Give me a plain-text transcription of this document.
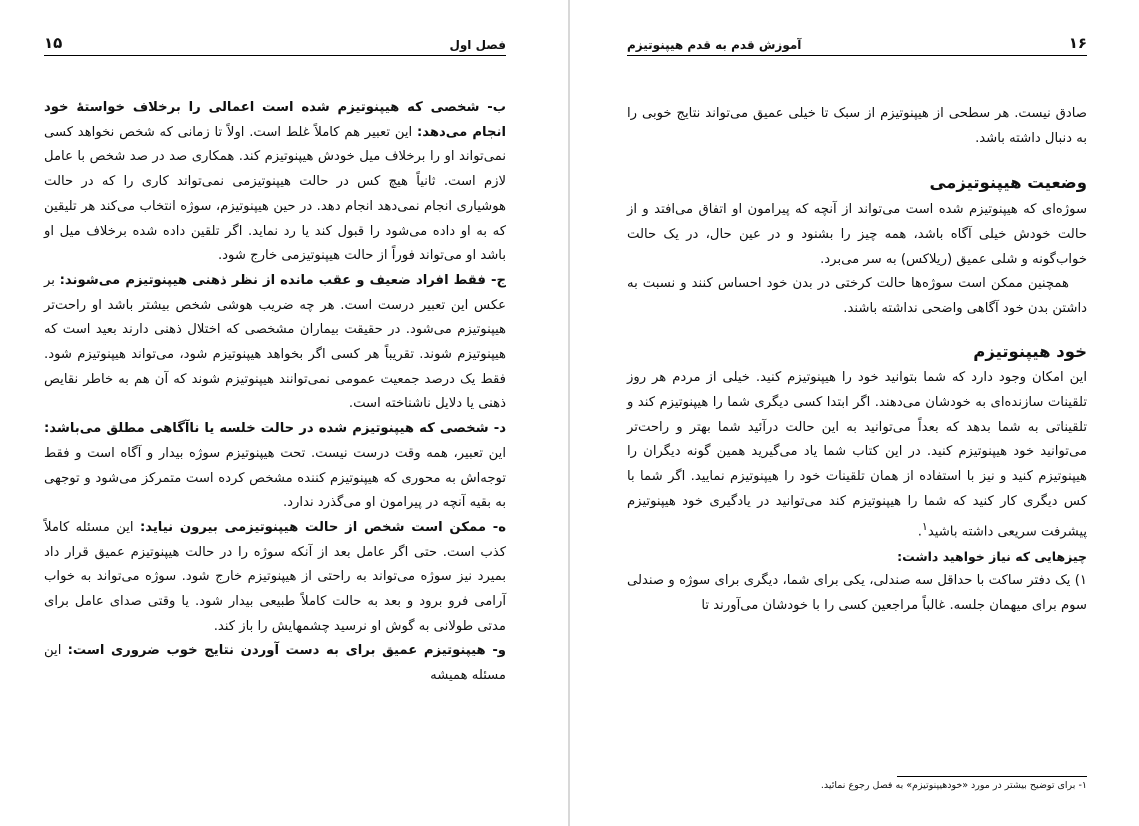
فصل اول
۱۵

ب- شخصی که هیپنوتیزم شده است اعمالی را برخلاف خواستهٔ خود انجام می‌دهد: این تعبیر هم کاملاً غلط است. اولاً تا زمانی که شخص نخواهد کسی نمی‌تواند او را برخلاف میل خودش هیپنوتیزم کند. همکاری صد در صد شخص با عامل لازم است. ثانیاً هیچ کس در حالت هیپنوتیزمی نمی‌تواند کاری را که در حالت هوشیاری انجام نمی‌دهد انجام دهد. در حین هیپنوتیزم، سوژه انتخاب می‌کند هر تلیقین که به او داده می‌شود را قبول کند یا رد نماید. اگر تلقین داده شده برخلاف میل او باشد او می‌تواند فوراً از حالت هیپنوتیزمی خارج شود.

ج- فقط افراد ضعیف و عقب مانده از نظر ذهنی هیپنوتیزم می‌شوند: بر عکس این تعبیر درست است. هر چه ضریب هوشی شخص بیشتر باشد او راحت‌تر هیپنوتیزم می‌شود. در حقیقت بیماران مشخصی که اختلال ذهنی دارند بعید است که هیپنوتیزم شوند. تقریباً هر کسی اگر بخواهد هیپنوتیزم شود، می‌تواند هیپنوتیزم شود. فقط یک درصد جمعیت عمومی نمی‌توانند هیپنوتیزم شوند که آن هم به خاطر نقایص ذهنی یا دلایل ناشناخته است.

د- شخصی که هیپنوتیزم شده در حالت خلسه یا ناآگاهی مطلق می‌باشد: این تعبیر، همه وقت درست نیست. تحت هیپنوتیزم سوژه بیدار و آگاه است و فقط توجه‌اش به محوری که هیپنوتیزم کننده مشخص کرده است متمرکز می‌شود و توجهی به بقیه آنچه در پیرامون او می‌گذرد ندارد.

ه- ممکن است شخص از حالت هیپنوتیزمی بیرون نیاید: این مسئله کاملاً کذب است. حتی اگر عامل بعد از آنکه سوژه را در حالت هیپنوتیزم عمیق قرار داد بمیرد نیز سوژه می‌تواند به راحتی از هیپنوتیزم خارج شود. سوژه می‌تواند به خواب آرامی فرو برود و بعد به حالت کاملاً طبیعی بیدار شود. یا وقتی صدای عامل برای مدتی طولانی به گوش او نرسید چشمهایش را باز کند.

و- هیپنوتیزم عمیق برای به دست آوردن نتایج خوب ضروری است: این مسئله همیشه

۱۶
آموزش قدم به قدم هیپنوتیزم

صادق نیست. هر سطحی از هیپنوتیزم از سبک تا خیلی عمیق می‌تواند نتایج خوبی را به دنبال داشته باشد.

وضعیت هیپنوتیزمی

سوژه‌ای که هیپنوتیزم شده است می‌تواند از آنچه که پیرامون او اتفاق می‌افتد و از حالت خودش خیلی آگاه باشد، همه چیز را بشنود و در عین حال، در یک حالت خواب‌گونه و شلی عمیق (ریلاکس) به سر می‌برد.

همچنین ممکن است سوژه‌ها حالت کرختی در بدن خود احساس کنند و نسبت به داشتن بدن خود آگاهی واضحی نداشته باشند.

خود هیپنوتیزم

این امکان وجود دارد که شما بتوانید خود را هیپنوتیزم کنید. خیلی از مردم هر روز تلقینات سازنده‌ای به خودشان می‌دهند. اگر ابتدا کسی دیگری شما را هیپنوتیزم کند و تلقیناتی به شما بدهد که بعداً می‌توانید به این حالت در‌آئید شما بهتر و راحت‌تر می‌توانید خود هیپنوتیزم کنید. در این کتاب شما یاد می‌گیرید همین گونه دیگران را هیپنوتیزم کنید و نیز با استفاده از همان تلقینات خود را هیپنوتیزم نمایید. اگر شما با کس دیگری کار کنید که شما را هیپنوتیزم کند می‌توانید در یادگیری خود هیپنوتیزم پیشرفت سریعی داشته باشید$^۱$.

چیزهایی که نیاز خواهید داشت:

۱) یک دفتر ساکت با حداقل سه صندلی، یکی برای شما، دیگری برای سوژه و صندلی سوم برای میهمان جلسه. غالباً مراجعین کسی را با خودشان می‌آورند تا

۱- برای توضیح بیشتر در مورد «خودهیپنوتیزم» به فصل رجوع نمائید.
